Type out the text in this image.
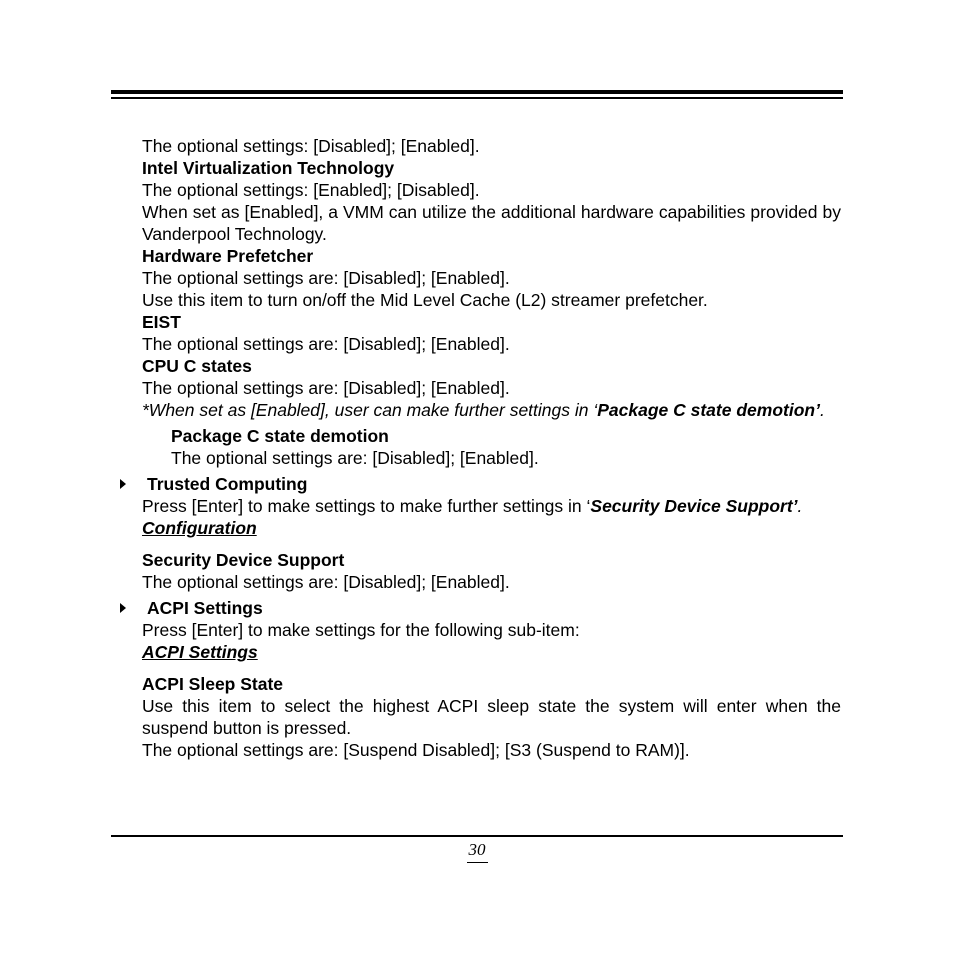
The optional settings: [Disabled]; [Enabled].

Intel Virtualization Technology

The optional settings: [Enabled]; [Disabled].

When set as [Enabled], a VMM can utilize the additional hardware capabilities provided by Vanderpool Technology.

Hardware Prefetcher

The optional settings are: [Disabled]; [Enabled].

Use this item to turn on/off the Mid Level Cache (L2) streamer prefetcher.

EIST

The optional settings are: [Disabled]; [Enabled].

CPU C states

The optional settings are: [Disabled]; [Enabled].

*When set as [Enabled], user can make further settings in ‘Package C state demotion’.

Package C state demotion

The optional settings are: [Disabled]; [Enabled].

Trusted Computing

Press [Enter] to make settings to make further settings in ‘Security Device Support’.

Configuration

Security Device Support

The optional settings are: [Disabled]; [Enabled].

ACPI Settings

Press [Enter] to make settings for the following sub-item:

ACPI Settings

ACPI Sleep State

Use this item to select the highest ACPI sleep state the system will enter when the suspend button is pressed.

The optional settings are: [Suspend Disabled]; [S3 (Suspend to RAM)].

30
